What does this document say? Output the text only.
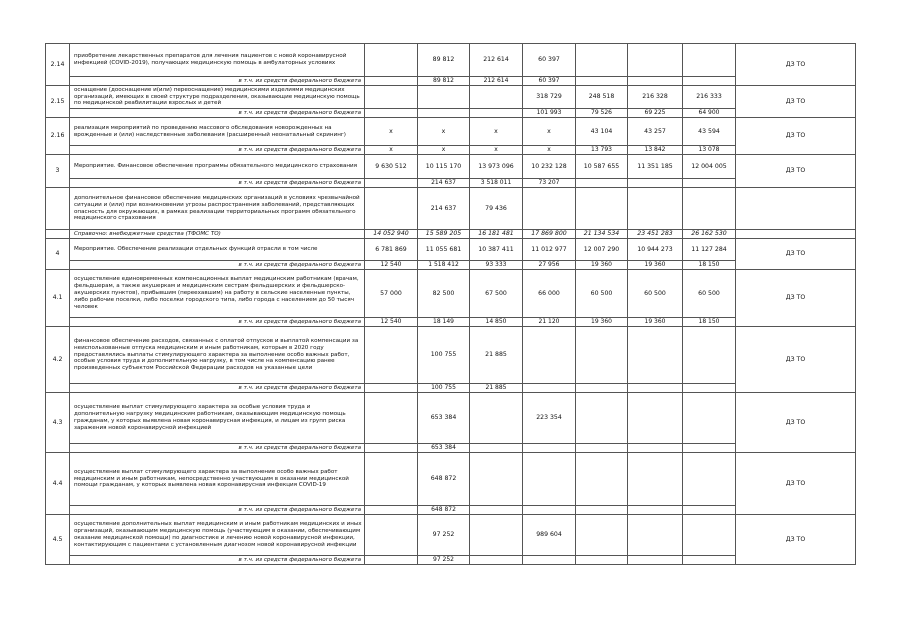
2.14	приобретение лекарственных препаратов для лечения пациентов с новой коронавирусной инфекцией (COVID-2019), получающих медицинскую помощь в амбулаторных условиях		89 812	212 614	60 397				ДЗ ТО
	в т.ч. из средств федерального бюджета		89 812	212 614	60 397				
2.15	оснащение (дооснащение и(или) переоснащение) медицинскими изделиями медицинских организаций, имеющих в своей структуре подразделения, оказывающие медицинскую помощь по медицинской реабилитации взрослых и детей				318 729	248 518	216 328	216 333	ДЗ ТО
	в т.ч. из средств федерального бюджета				101 993	79 526	69 225	64 900	
2.16	реализация мероприятий по проведению массового обследования новорожденных на врожденные и (или) наследственные заболевания (расширенный неонатальный скрининг)	x	x	x	x	43 104	43 257	43 594	ДЗ ТО
	в т.ч. из средств федерального бюджета	x	x	x	x	13 793	13 842	13 078	
3	Мероприятие. Финансовое обеспечение программы обязательного медицинского страхования	9 630 512	10 115 170	13 973 096	10 232 128	10 587 655	11 351 185	12 004 005	ДЗ ТО
	в т.ч. из средств федерального бюджета		214 637	3 518 011	73 207				
	дополнительное финансовое обеспечение медицинских организаций в условиях чрезвычайной ситуации и (или) при возникновении угрозы распространения заболеваний, представляющих опасность для окружающих, в рамках реализации территориальных программ обязательного медицинского страхования		214 637	79 436					
	Справочно: внебюджетные средства (ТФОМС ТО)	14 052 940	15 589 205	16 181 481	17 869 800	21 134 534	23 451 283	26 162 530	
4	Мероприятие. Обеспечение реализации отдельных функций отрасли в том числе	6 781 869	11 055 681	10 387 411	11 012 977	12 007 290	10 944 273	11 127 284	ДЗ ТО
	в т.ч. из средств федерального бюджета	12 540	1 518 412	93 333	27 956	19 360	19 360	18 150	
4.1	осуществление единовременных компенсационных выплат медицинским работникам (врачам, фельдшерам, а также акушеркам и медицинским сестрам фельдшерских и фельдшерско-акушерских пунктов), прибывшим (переехавшим) на работу в сельские населенные пункты, либо рабочие поселки, либо поселки городского типа, либо города с населением до 50 тысяч человек	57 000	82 500	67 500	66 000	60 500	60 500	60 500	ДЗ ТО
	в т.ч. из средств федерального бюджета	12 540	18 149	14 850	21 120	19 360	19 360	18 150	
4.2	финансовое обеспечение расходов, связанных с оплатой отпусков и выплатой компенсации за неиспользованные отпуска медицинским и иным работникам, которым в 2020 году предоставлялись выплаты стимулирующего характера за выполнение особо важных работ, особые условия труда и дополнительную нагрузку, в том числе на компенсацию ранее произведенных субъектом Российской Федерации расходов на указанные цели		100 755	21 885					ДЗ ТО
	в т.ч. из средств федерального бюджета		100 755	21 885					
4.3	осуществление выплат стимулирующего характера за особые условия труда и дополнительную нагрузку медицинским работникам, оказывающим медицинскую помощь гражданам, у которых выявлена новая коронавирусная инфекция, и лицам из групп риска заражения новой коронавирусной инфекцией		653 384		223 354				ДЗ ТО
	в т.ч. из средств федерального бюджета		653 384						
4.4	осуществление выплат стимулирующего характера за выполнение особо важных работ медицинским и иным работникам, непосредственно участвующим в оказании медицинской помощи гражданам, у которых выявлена новая коронавирусная инфекция COVID-19		648 872						ДЗ ТО
	в т.ч. из средств федерального бюджета		648 872						
4.5	осуществление дополнительных выплат медицинским и иным работникам медицинских и иных организаций, оказывающим медицинскую помощь (участвующим в оказании, обеспечивающим оказание медицинской помощи) по диагностике и лечению новой коронавирусной инфекции, контактирующим с пациентами с установленным диагнозом новой коронавирусной инфекции		97 252		989 604				ДЗ ТО
	в т.ч. из средств федерального бюджета		97 252						
